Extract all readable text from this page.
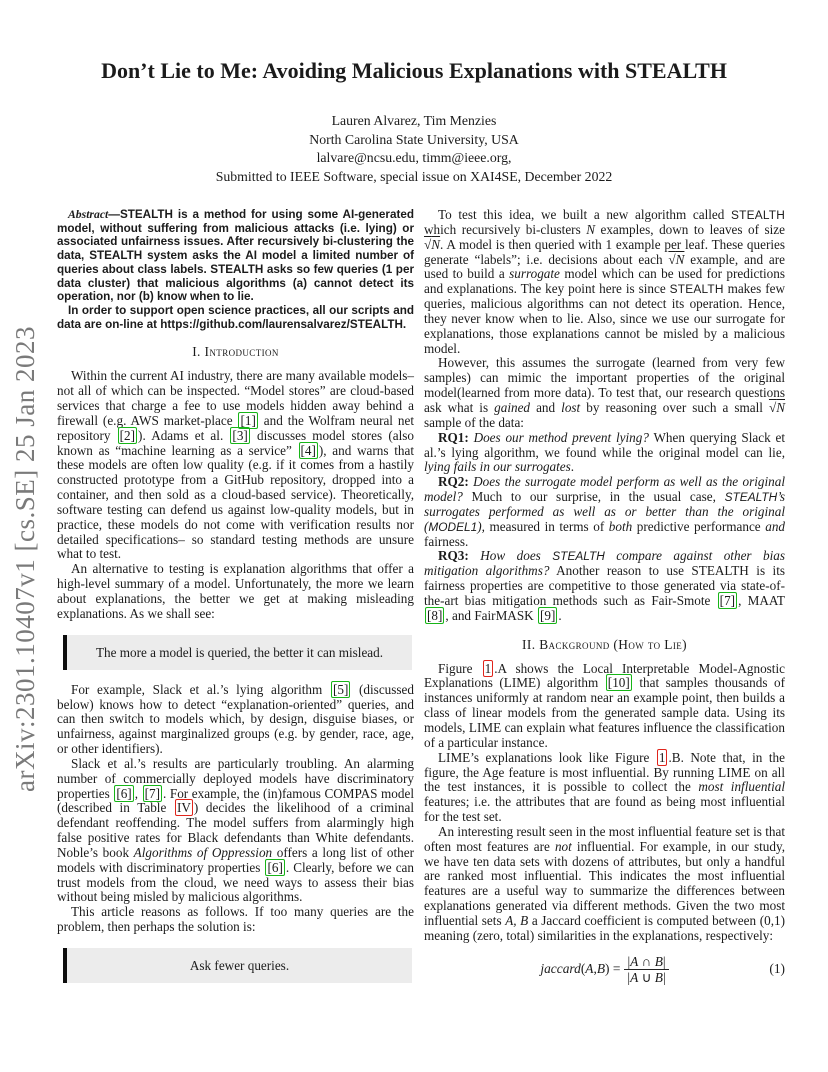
arXiv:2301.10407v1 [cs.SE] 25 Jan 2023
Don’t Lie to Me: Avoiding Malicious Explanations with STEALTH
Lauren Alvarez, Tim Menzies
North Carolina State University, USA
lalvare@ncsu.edu, timm@ieee.org,
Submitted to IEEE Software, special issue on XAI4SE, December 2022

Abstract—STEALTH is a method for using some AI-generated model, without suffering from malicious attacks (i.e. lying) or associated unfairness issues. After recursively bi-clustering the data, STEALTH system asks the AI model a limited number of queries about class labels. STEALTH asks so few queries (1 per data cluster) that malicious algorithms (a) cannot detect its operation, nor (b) know when to lie.

In order to support open science practices, all our scripts and data are on-line at https://github.com/laurensalvarez/STEALTH.

I. Introduction

Within the current AI industry, there are many available models– not all of which can be inspected. “Model stores” are cloud-based services that charge a fee to use models hidden away behind a firewall (e.g. AWS market-place [1] and the Wolfram neural net repository [2] ). Adams et al. [3] discusses model stores (also known as “machine learning as a service” [4] ), and warns that these models are often low quality (e.g. if it comes from a hastily constructed prototype from a GitHub repository, dropped into a container, and then sold as a cloud-based service). Theoretically, software testing can defend us against low-quality models, but in practice, these models do not come with verification results nor detailed specifications– so standard testing methods are unsure what to test.

An alternative to testing is explanation algorithms that offer a high-level summary of a model. Unfortunately, the more we learn about explanations, the better we get at making misleading explanations. As we shall see:

The more a model is queried, the better it can mislead.

For example, Slack et al.’s lying algorithm [5] (discussed below) knows how to detect “explanation-oriented” queries, and can then switch to models which, by design, disguise biases, or unfairness, against marginalized groups (e.g. by gender, race, age, or other identifiers).

Slack et al.’s results are particularly troubling. An alarming number of commercially deployed models have discriminatory properties [6] , [7] . For example, the (in)famous COMPAS model (described in Table IV ) decides the likelihood of a criminal defendant reoffending. The model suffers from alarmingly high false positive rates for Black defendants than White defendants. Noble’s book Algorithms of Oppression offers a long list of other models with discriminatory properties [6] . Clearly, before we can trust models from the cloud, we need ways to assess their bias without being misled by malicious algorithms.

This article reasons as follows. If too many queries are the problem, then perhaps the solution is:

Ask fewer queries.

To test this idea, we built a new algorithm called STEALTH which recursively bi-clusters N examples, down to leaves of size √ $\overline{N}$. A model is then queried with 1 example per leaf. These queries generate “labels”; i.e. decisions about each √ $\overline{N}$ example, and are used to build a surrogate model which can be used for predictions and explanations. The key point here is since STEALTH makes few queries, malicious algorithms can not detect its operation. Hence, they never know when to lie. Also, since we use our surrogate for explanations, those explanations cannot be misled by a malicious model.

However, this assumes the surrogate (learned from very few samples) can mimic the important properties of the original model(learned from more data). To test that, our research questions ask what is gained and lost by reasoning over such a small √ $\overline{N}$ sample of the data:

RQ1: Does our method prevent lying? When querying Slack et al.’s lying algorithm, we found while the original model can lie, lying fails in our surrogates.

RQ2: Does the surrogate model perform as well as the original model? Much to our surprise, in the usual case, STEALTH’s surrogates performed as well as or better than the original (MODEL1), measured in terms of both predictive performance and fairness.

RQ3: How does STEALTH compare against other bias mitigation algorithms? Another reason to use STEALTH is its fairness properties are competitive to those generated via state-of-the-art bias mitigation methods such as Fair-Smote [7] , MAAT [8] , and FairMASK [9] .

II. Background (How to Lie)

Figure 1 .A shows the Local Interpretable Model-Agnostic Explanations (LIME) algorithm [10] that samples thousands of instances uniformly at random near an example point, then builds a class of linear models from the generated sample data. Using its models, LIME can explain what features influence the classification of a particular instance.

LIME’s explanations look like Figure 1 .B. Note that, in the figure, the Age feature is most influential. By running LIME on all the test instances, it is possible to collect the most influential features; i.e. the attributes that are found as being most influential for the test set.

An interesting result seen in the most influential feature set is that often most features are not influential. For example, in our study, we have ten data sets with dozens of attributes, but only a handful are ranked most influential. This indicates the most influential features are a useful way to summarize the differences between explanations generated via different methods. Given the two most influential sets A, B a Jaccard coefficient is computed between (0,1) meaning (zero, total) similarities in the explanations, respectively:

jaccard ( A , B ) = $\frac{|A \cap B|}{|A \cup B|}$	(1)
